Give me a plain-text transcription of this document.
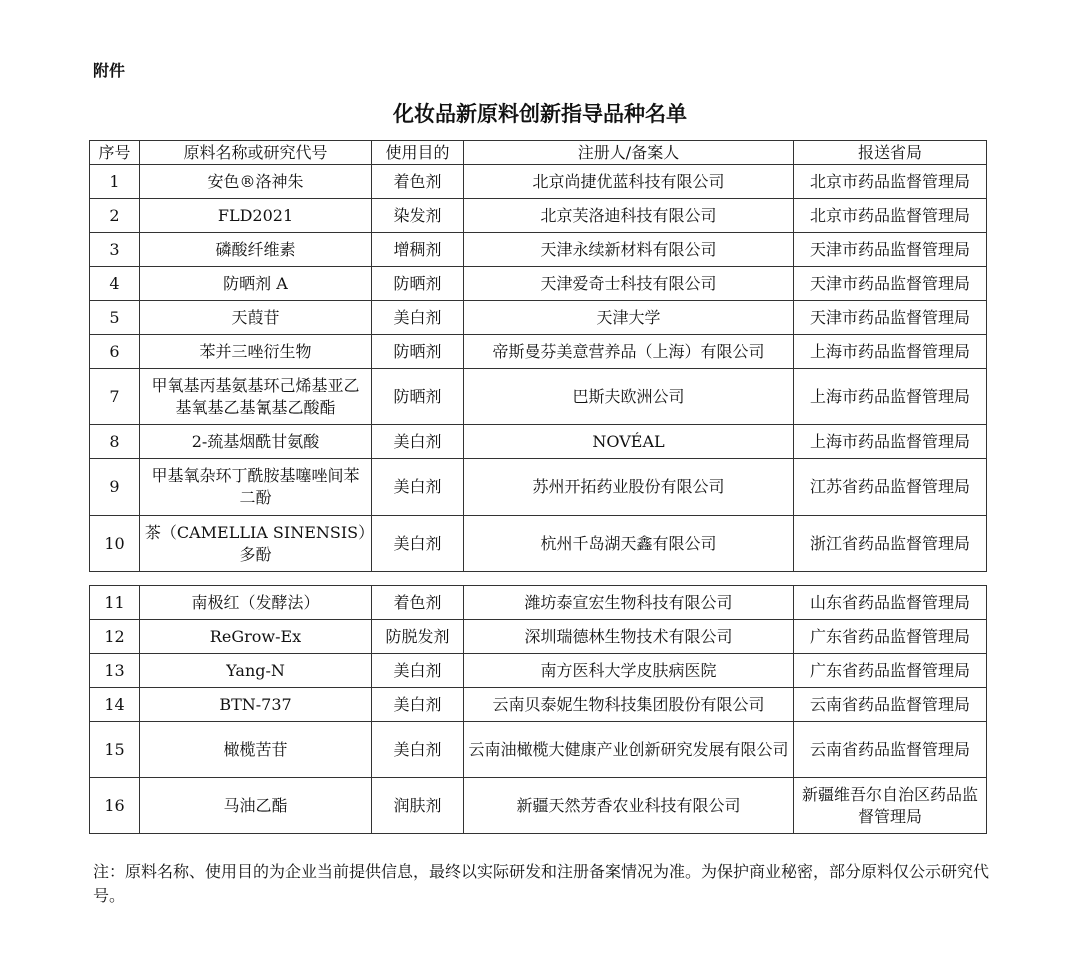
附件
化妆品新原料创新指导品种名单
序号	原料名称或研究代号	使用目的	注册人/备案人	报送省局
1	安色®洛神朱	着色剂	北京尚捷优蓝科技有限公司	北京市药品监督管理局
2	FLD2021	染发剂	北京芙洛迪科技有限公司	北京市药品监督管理局
3	磷酸纤维素	增稠剂	天津永续新材料有限公司	天津市药品监督管理局
4	防晒剂 A	防晒剂	天津爱奇士科技有限公司	天津市药品监督管理局
5	天葭苷	美白剂	天津大学	天津市药品监督管理局
6	苯并三唑衍生物	防晒剂	帝斯曼芬美意营养品（上海）有限公司	上海市药品监督管理局
7	甲氧基丙基氨基环己烯基亚乙基氧基乙基氰基乙酸酯	防晒剂	巴斯夫欧洲公司	上海市药品监督管理局
8	2-巯基烟酰甘氨酸	美白剂	NOVÉAL	上海市药品监督管理局
9	甲基氧杂环丁酰胺基噻唑间苯二酚	美白剂	苏州开拓药业股份有限公司	江苏省药品监督管理局
10	茶（CAMELLIA SINENSIS）多酚	美白剂	杭州千岛湖天鑫有限公司	浙江省药品监督管理局
11	南极红（发酵法）	着色剂	潍坊泰宣宏生物科技有限公司	山东省药品监督管理局
12	ReGrow-Ex	防脱发剂	深圳瑞德林生物技术有限公司	广东省药品监督管理局
13	Yang-N	美白剂	南方医科大学皮肤病医院	广东省药品监督管理局
14	BTN-737	美白剂	云南贝泰妮生物科技集团股份有限公司	云南省药品监督管理局
15	橄榄苦苷	美白剂	云南油橄榄大健康产业创新研究发展有限公司	云南省药品监督管理局
16	马油乙酯	润肤剂	新疆天然芳香农业科技有限公司	新疆维吾尔自治区药品监督管理局
注：原料名称、使用目的为企业当前提供信息，最终以实际研发和注册备案情况为准。为保护商业秘密，部分原料仅公示研究代号。
